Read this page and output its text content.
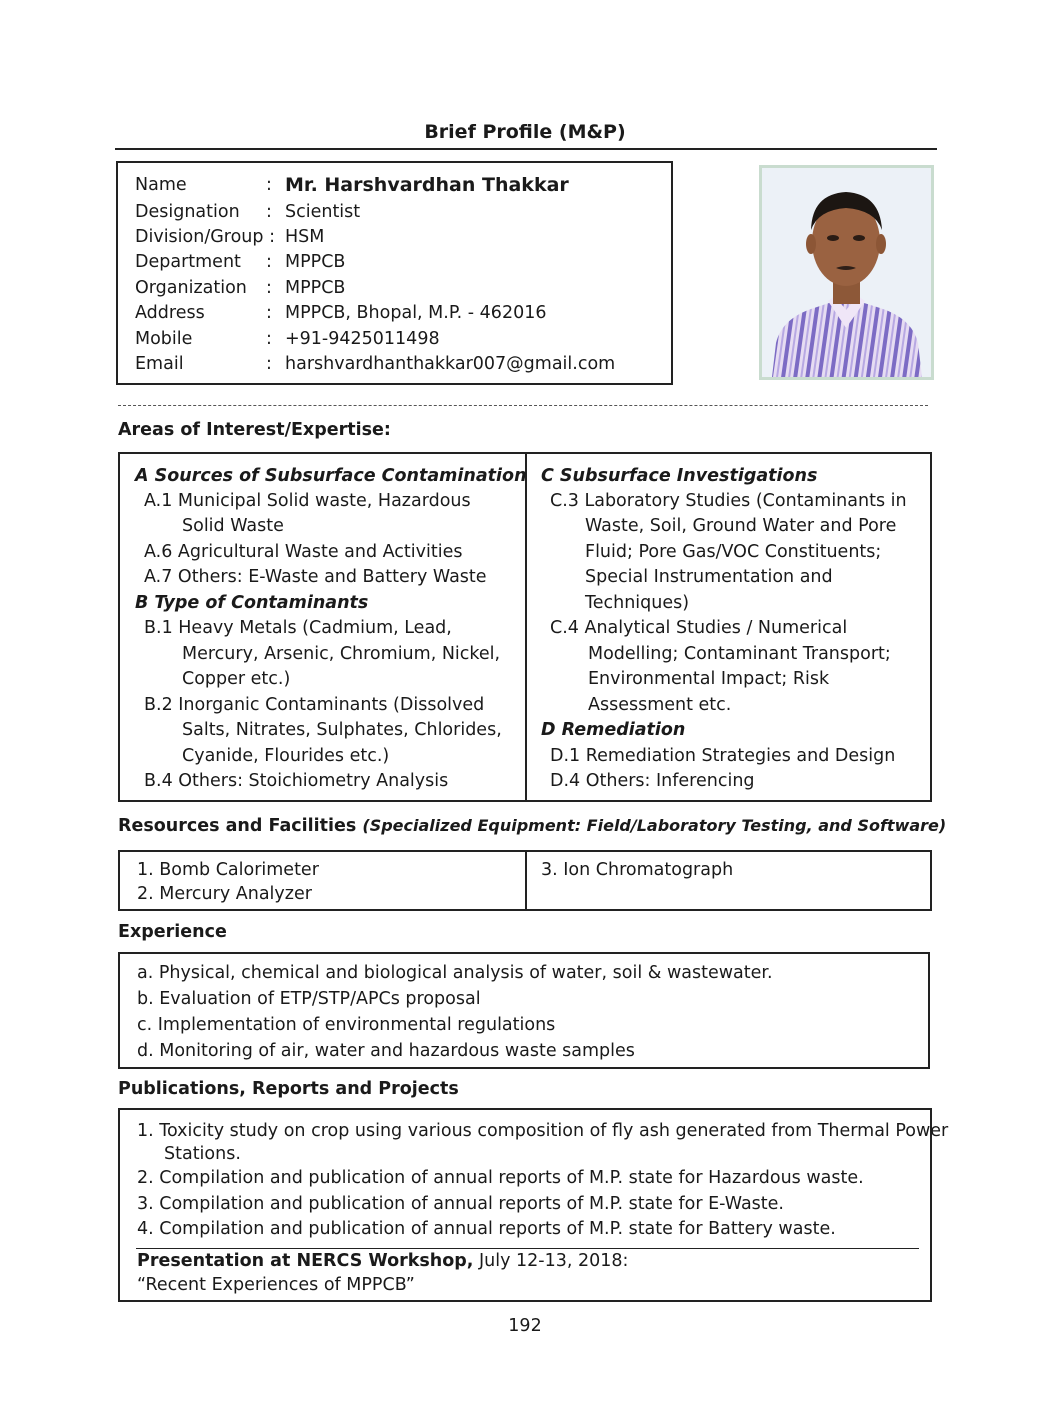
Brief Profile (M&P)
Name	: Mr. Harshvardhan Thakkar
Designation : Scientist
Division/Group : HSM
Department : MPPCB
Organization : MPPCB
Address	: MPPCB, Bhopal, M.P. - 462016
Mobile	: +91-9425011498
Email	: harshvardhanthakkar007@gmail.com
Areas of Interest/Expertise:
A Sources of Subsurface Contamination
A.1 Municipal Solid waste, Hazardous
Solid Waste
A.6 Agricultural Waste and Activities
A.7 Others: E-Waste and Battery Waste
B Type of Contaminants
B.1 Heavy Metals (Cadmium, Lead,
Mercury, Arsenic, Chromium, Nickel,
Copper etc.)
B.2 Inorganic Contaminants (Dissolved
Salts, Nitrates, Sulphates, Chlorides,
Cyanide, Flourides etc.)
B.4 Others: Stoichiometry Analysis
C Subsurface Investigations
C.3 Laboratory Studies (Contaminants in
Waste, Soil, Ground Water and Pore
Fluid; Pore Gas/VOC Constituents;
Special Instrumentation and
Techniques)
C.4 Analytical Studies / Numerical
Modelling; Contaminant Transport;
Environmental Impact; Risk
Assessment etc.
D Remediation
D.1 Remediation Strategies and Design
D.4 Others: Inferencing
Resources and Facilities (Specialized Equipment: Field/Laboratory Testing, and Software)
1. Bomb Calorimeter
2. Mercury Analyzer
3. Ion Chromatograph
Experience
a. Physical, chemical and biological analysis of water, soil & wastewater.
b. Evaluation of ETP/STP/APCs proposal
c. Implementation of environmental regulations
d. Monitoring of air, water and hazardous waste samples
Publications, Reports and Projects
1. Toxicity study on crop using various composition of fly ash generated from Thermal Power
Stations.
2. Compilation and publication of annual reports of M.P. state for Hazardous waste.
3. Compilation and publication of annual reports of M.P. state for E-Waste.
4. Compilation and publication of annual reports of M.P. state for Battery waste.
Presentation at NERCS Workshop, July 12-13, 2018:
“Recent Experiences of MPPCB”
192
